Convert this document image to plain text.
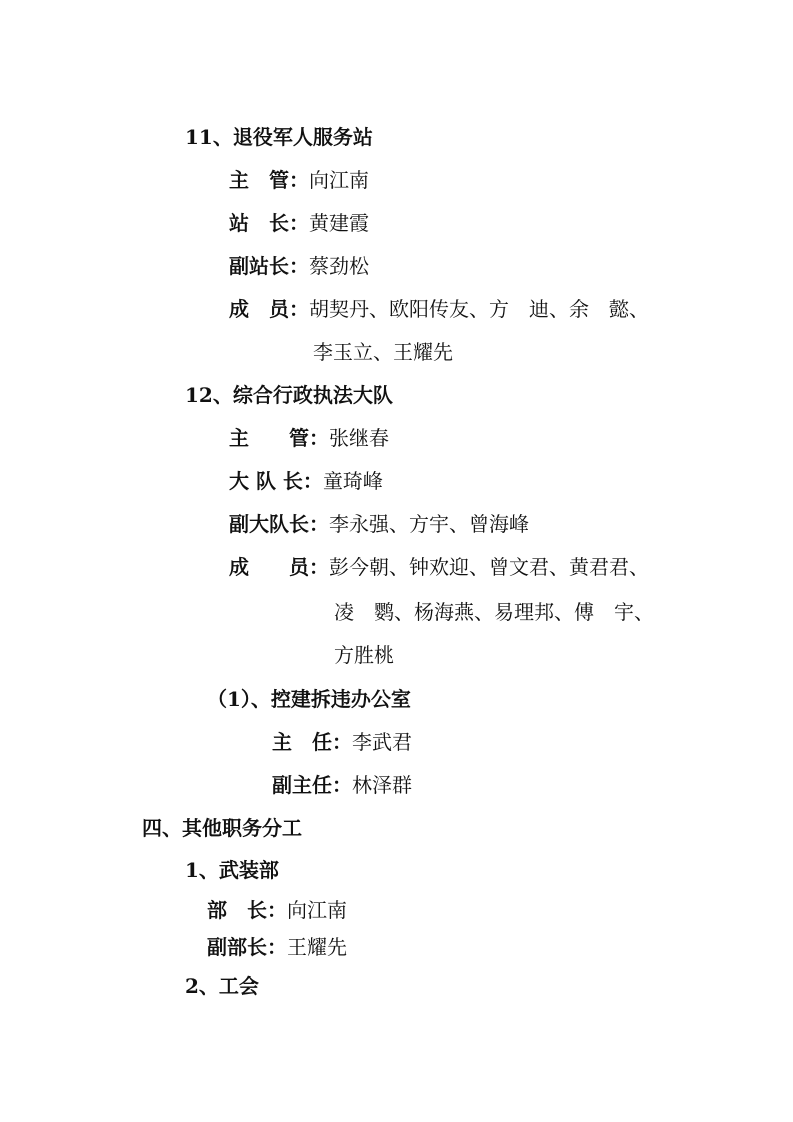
11、退役军人服务站
主　管：向江南
站　长：黄建霞
副站长：蔡劲松
成　员：胡契丹、欧阳传友、方　迪、余　懿、
李玉立、王耀先
12、综合行政执法大队
主　　管：张继春
大 队 长：童琦峰
副大队长：李永强、方宇、曾海峰
成　　员：彭今朝、钟欢迎、曾文君、黄君君、
凌　鹦、杨海燕、易理邦、傅　宇、
方胜桃
（1）、控建拆违办公室
主　任：李武君
副主任：林泽群
四、其他职务分工
1、武装部
部　长：向江南
副部长：王耀先
2、工会
